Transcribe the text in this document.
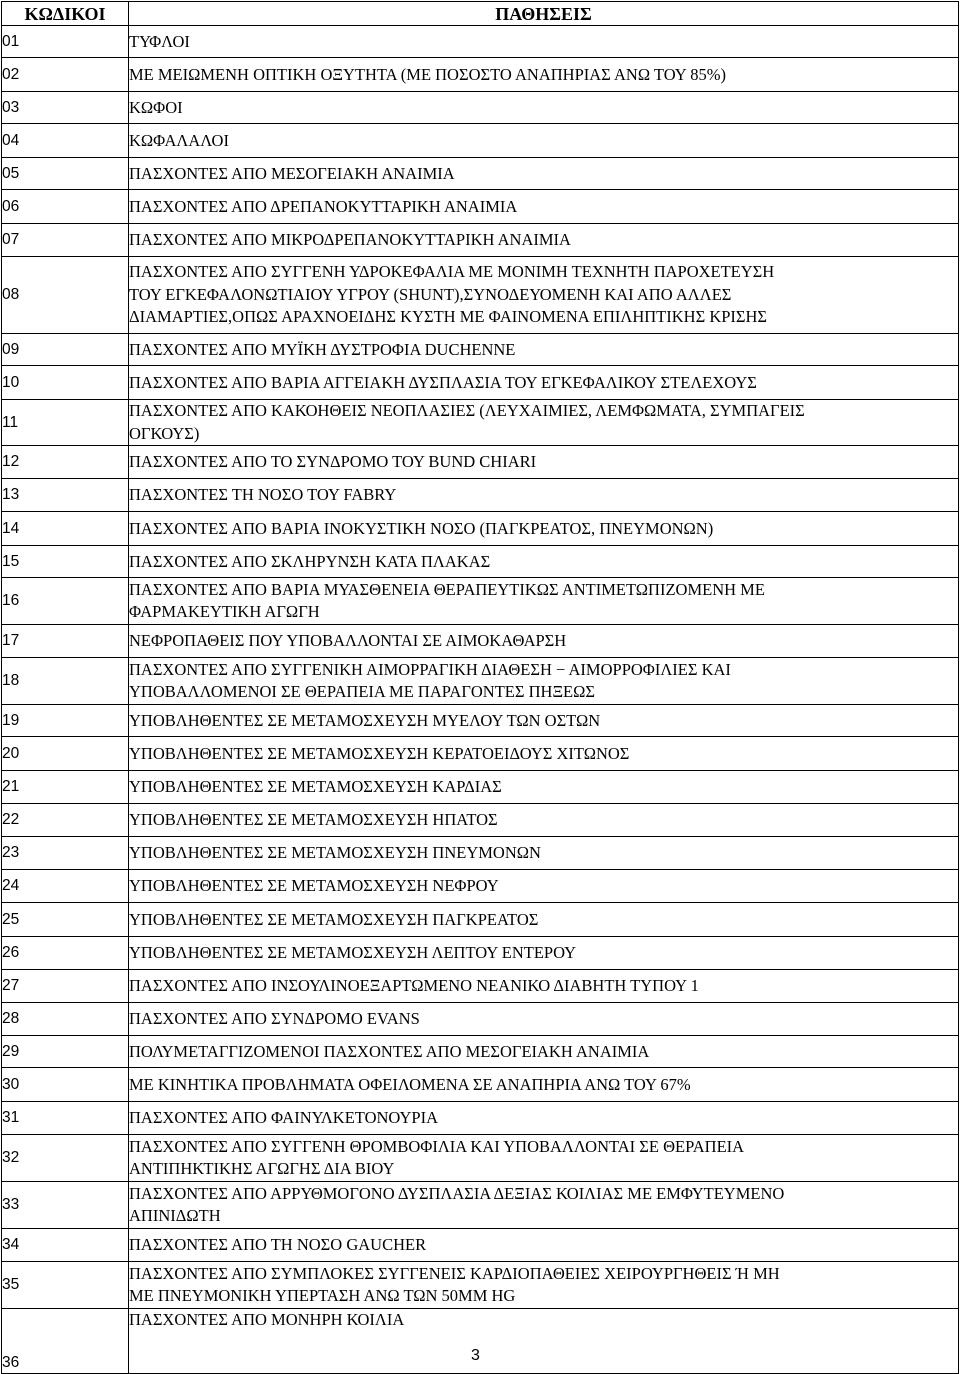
ΚΩΔΙΚΟΙ	ΠΑΘΗΣΕΙΣ
01	ΤΥΦΛΟΙ

02	ΜΕ ΜΕΙΩΜΕΝΗ ΟΠΤΙΚΗ ΟΞΥΤΗΤΑ (ΜΕ ΠΟΣΟΣΤΟ ΑΝΑΠΗΡΙΑΣ ΑΝΩ ΤΟΥ 85%)

03	ΚΩΦΟΙ

04	ΚΩΦΑΛΑΛΟΙ

05	ΠΑΣΧΟΝΤΕΣ ΑΠΟ ΜΕΣΟΓΕΙΑΚΗ ΑΝΑΙΜΙΑ

06	ΠΑΣΧΟΝΤΕΣ ΑΠΟ ΔΡΕΠΑΝΟΚΥΤΤΑΡΙΚΗ ΑΝΑΙΜΙΑ

07	ΠΑΣΧΟΝΤΕΣ ΑΠΟ ΜΙΚΡΟΔΡΕΠΑΝΟΚΥΤΤΑΡΙΚΗ ΑΝΑΙΜΙΑ

08	ΠΑΣΧΟΝΤΕΣ ΑΠΟ ΣΥΓΓΕΝΗ ΥΔΡΟΚΕΦΑΛΙΑ ΜΕ ΜΟΝΙΜΗ ΤΕΧΝΗΤΗ ΠΑΡΟΧΕΤΕΥΣΗ
ΤΟΥ ΕΓΚΕΦΑΛΟΝΩΤΙΑΙΟΥ ΥΓΡΟΥ (SHUNT),ΣΥΝΟΔΕΥΟΜΕΝΗ ΚΑΙ ΑΠΟ ΑΛΛΕΣ
ΔΙΑΜΑΡΤΙΕΣ,ΟΠΩΣ ΑΡΑΧΝΟΕΙΔΗΣ ΚΥΣΤΗ ΜΕ ΦΑΙΝΟΜΕΝΑ ΕΠΙΛΗΠΤΙΚΗΣ ΚΡΙΣΗΣ

09	ΠΑΣΧΟΝΤΕΣ ΑΠΟ ΜΥΪΚΗ ΔΥΣΤΡΟΦΙΑ DUCHENNE

10	ΠΑΣΧΟΝΤΕΣ ΑΠΟ ΒΑΡΙΑ ΑΓΓΕΙΑΚΗ ΔΥΣΠΛΑΣΙΑ ΤΟΥ ΕΓΚΕΦΑΛΙΚΟΥ ΣΤΕΛΕΧΟΥΣ

11	ΠΑΣΧΟΝΤΕΣ ΑΠΟ ΚΑΚΟΗΘΕΙΣ ΝΕΟΠΛΑΣΙΕΣ (ΛΕΥΧΑΙΜΙΕΣ, ΛΕΜΦΩΜΑΤΑ, ΣΥΜΠΑΓΕΙΣ
ΟΓΚΟΥΣ)

12	ΠΑΣΧΟΝΤΕΣ ΑΠΟ ΤΟ ΣΥΝΔΡΟΜΟ ΤΟΥ BUND CHIARI

13	ΠΑΣΧΟΝΤΕΣ ΤΗ ΝΟΣΟ ΤΟΥ FABRY

14	ΠΑΣΧΟΝΤΕΣ ΑΠΟ ΒΑΡΙΑ ΙΝΟΚΥΣΤΙΚΗ ΝΟΣΟ (ΠΑΓΚΡΕΑΤΟΣ, ΠΝΕΥΜΟΝΩΝ)

15	ΠΑΣΧΟΝΤΕΣ ΑΠΟ ΣΚΛΗΡΥΝΣΗ ΚΑΤΑ ΠΛΑΚΑΣ

16	ΠΑΣΧΟΝΤΕΣ ΑΠΟ ΒΑΡΙΑ ΜΥΑΣΘΕΝΕΙΑ ΘΕΡΑΠΕΥΤΙΚΩΣ ΑΝΤΙΜΕΤΩΠΙΖΟΜΕΝΗ ΜΕ
ΦΑΡΜΑΚΕΥΤΙΚΗ ΑΓΩΓΗ

17	ΝΕΦΡΟΠΑΘΕΙΣ ΠΟΥ ΥΠΟΒΑΛΛΟΝΤΑΙ ΣΕ ΑΙΜΟΚΑΘΑΡΣΗ

18	ΠΑΣΧΟΝΤΕΣ ΑΠΟ ΣΥΓΓΕΝΙΚΗ ΑΙΜΟΡΡΑΓΙΚΗ ΔΙΑΘΕΣΗ − ΑΙΜΟΡΡΟΦΙΛΙΕΣ ΚΑΙ
ΥΠΟΒΑΛΛΟΜΕΝΟΙ ΣΕ ΘΕΡΑΠΕΙΑ ΜΕ ΠΑΡΑΓΟΝΤΕΣ ΠΗΞΕΩΣ

19	ΥΠΟΒΛΗΘΕΝΤΕΣ ΣΕ ΜΕΤΑΜΟΣΧΕΥΣΗ ΜΥΕΛΟΥ ΤΩΝ ΟΣΤΩΝ

20	ΥΠΟΒΛΗΘΕΝΤΕΣ ΣΕ ΜΕΤΑΜΟΣΧΕΥΣΗ ΚΕΡΑΤΟΕΙΔΟΥΣ ΧΙΤΩΝΟΣ

21	ΥΠΟΒΛΗΘΕΝΤΕΣ ΣΕ ΜΕΤΑΜΟΣΧΕΥΣΗ ΚΑΡΔΙΑΣ

22	ΥΠΟΒΛΗΘΕΝΤΕΣ ΣΕ ΜΕΤΑΜΟΣΧΕΥΣΗ ΗΠΑΤΟΣ

23	ΥΠΟΒΛΗΘΕΝΤΕΣ ΣΕ ΜΕΤΑΜΟΣΧΕΥΣΗ ΠΝΕΥΜΟΝΩΝ

24	ΥΠΟΒΛΗΘΕΝΤΕΣ ΣΕ ΜΕΤΑΜΟΣΧΕΥΣΗ ΝΕΦΡΟΥ

25	ΥΠΟΒΛΗΘΕΝΤΕΣ ΣΕ ΜΕΤΑΜΟΣΧΕΥΣΗ ΠΑΓΚΡΕΑΤΟΣ

26	ΥΠΟΒΛΗΘΕΝΤΕΣ ΣΕ ΜΕΤΑΜΟΣΧΕΥΣΗ ΛΕΠΤΟΥ ΕΝΤΕΡΟΥ

27	ΠΑΣΧΟΝΤΕΣ ΑΠΟ ΙΝΣΟΥΛΙΝΟΕΞΑΡΤΩΜΕΝΟ ΝΕΑΝΙΚΟ ΔΙΑΒΗΤΗ ΤΥΠΟΥ 1

28	ΠΑΣΧΟΝΤΕΣ ΑΠΟ ΣΥΝΔΡΟΜΟ EVANS

29	ΠΟΛΥΜΕΤΑΓΓΙΖΟΜΕΝΟΙ ΠΑΣΧΟΝΤΕΣ ΑΠΟ ΜΕΣΟΓΕΙΑΚΗ ΑΝΑΙΜΙΑ

30	ΜΕ ΚΙΝΗΤΙΚΑ ΠΡΟΒΛΗΜΑΤΑ ΟΦΕΙΛΟΜΕΝΑ ΣΕ ΑΝΑΠΗΡΙΑ ΑΝΩ ΤΟΥ 67%

31	ΠΑΣΧΟΝΤΕΣ ΑΠΟ ΦΑΙΝΥΛΚΕΤΟΝΟΥΡΙΑ

32	ΠΑΣΧΟΝΤΕΣ ΑΠΟ ΣΥΓΓΕΝΗ ΘΡΟΜΒΟΦΙΛΙΑ ΚΑΙ ΥΠΟΒΑΛΛΟΝΤΑΙ ΣΕ ΘΕΡΑΠΕΙΑ
ΑΝΤΙΠΗΚΤΙΚΗΣ ΑΓΩΓΗΣ ΔΙΑ ΒΙΟΥ

33	ΠΑΣΧΟΝΤΕΣ ΑΠΟ ΑΡΡΥΘΜΟΓΟΝΟ ΔΥΣΠΛΑΣΙΑ ΔΕΞΙΑΣ ΚΟΙΛΙΑΣ ΜΕ ΕΜΦΥΤΕΥΜΕΝΟ
ΑΠΙΝΙΔΩΤΗ

34	ΠΑΣΧΟΝΤΕΣ ΑΠΟ ΤΗ ΝΟΣΟ GAUCHER

35	ΠΑΣΧΟΝΤΕΣ ΑΠΟ ΣΥΜΠΛΟΚΕΣ ΣΥΓΓΕΝΕΙΣ ΚΑΡΔΙΟΠΑΘΕΙΕΣ ΧΕΙΡΟΥΡΓΗΘΕΙΣ Ή ΜΗ
ΜΕ ΠΝΕΥΜΟΝΙΚΗ ΥΠΕΡΤΑΣΗ ΑΝΩ ΤΩΝ 50ΜΜ HG

36	ΠΑΣΧΟΝΤΕΣ ΑΠΟ ΜΟΝΗΡΗ ΚΟΙΛΙΑ
3
